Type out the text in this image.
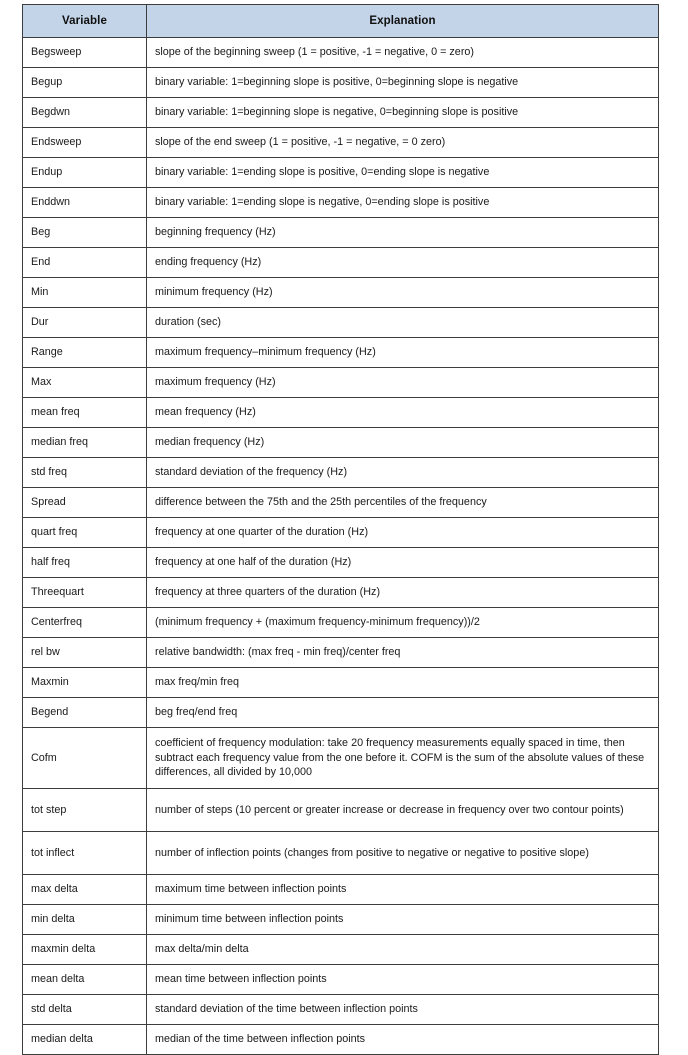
Variable	Explanation
Begsweep	slope of the beginning sweep (1 = positive, -1 = negative, 0 = zero)
Begup	binary variable: 1=beginning slope is positive, 0=beginning slope is negative
Begdwn	binary variable: 1=beginning slope is negative, 0=beginning slope is positive
Endsweep	slope of the end sweep (1 = positive, -1 = negative, = 0 zero)
Endup	binary variable: 1=ending slope is positive, 0=ending slope is negative
Enddwn	binary variable: 1=ending slope is negative, 0=ending slope is positive
Beg	beginning frequency (Hz)
End	ending frequency (Hz)
Min	minimum frequency (Hz)
Dur	duration (sec)
Range	maximum frequency–minimum frequency (Hz)
Max	maximum frequency (Hz)
mean freq	mean frequency (Hz)
median freq	median frequency (Hz)
std freq	standard deviation of the frequency (Hz)
Spread	difference between the 75th and the 25th percentiles of the frequency
quart freq	frequency at one quarter of the duration (Hz)
half freq	frequency at one half of the duration (Hz)
Threequart	frequency at three quarters of the duration (Hz)
Centerfreq	(minimum frequency + (maximum frequency-minimum frequency))/2
rel bw	relative bandwidth: (max freq - min freq)/center freq
Maxmin	max freq/min freq
Begend	beg freq/end freq
Cofm	coefficient of frequency modulation: take 20 frequency measurements equally spaced in time, then subtract each frequency value from the one before it. COFM is the sum of the absolute values of these differences, all divided by 10,000
tot step	number of steps (10 percent or greater increase or decrease in frequency over two contour points)
tot inflect	number of inflection points (changes from positive to negative or negative to positive slope)
max delta	maximum time between inflection points
min delta	minimum time between inflection points
maxmin delta	max delta/min delta
mean delta	mean time between inflection points
std delta	standard deviation of the time between inflection points
median delta	median of the time between inflection points
